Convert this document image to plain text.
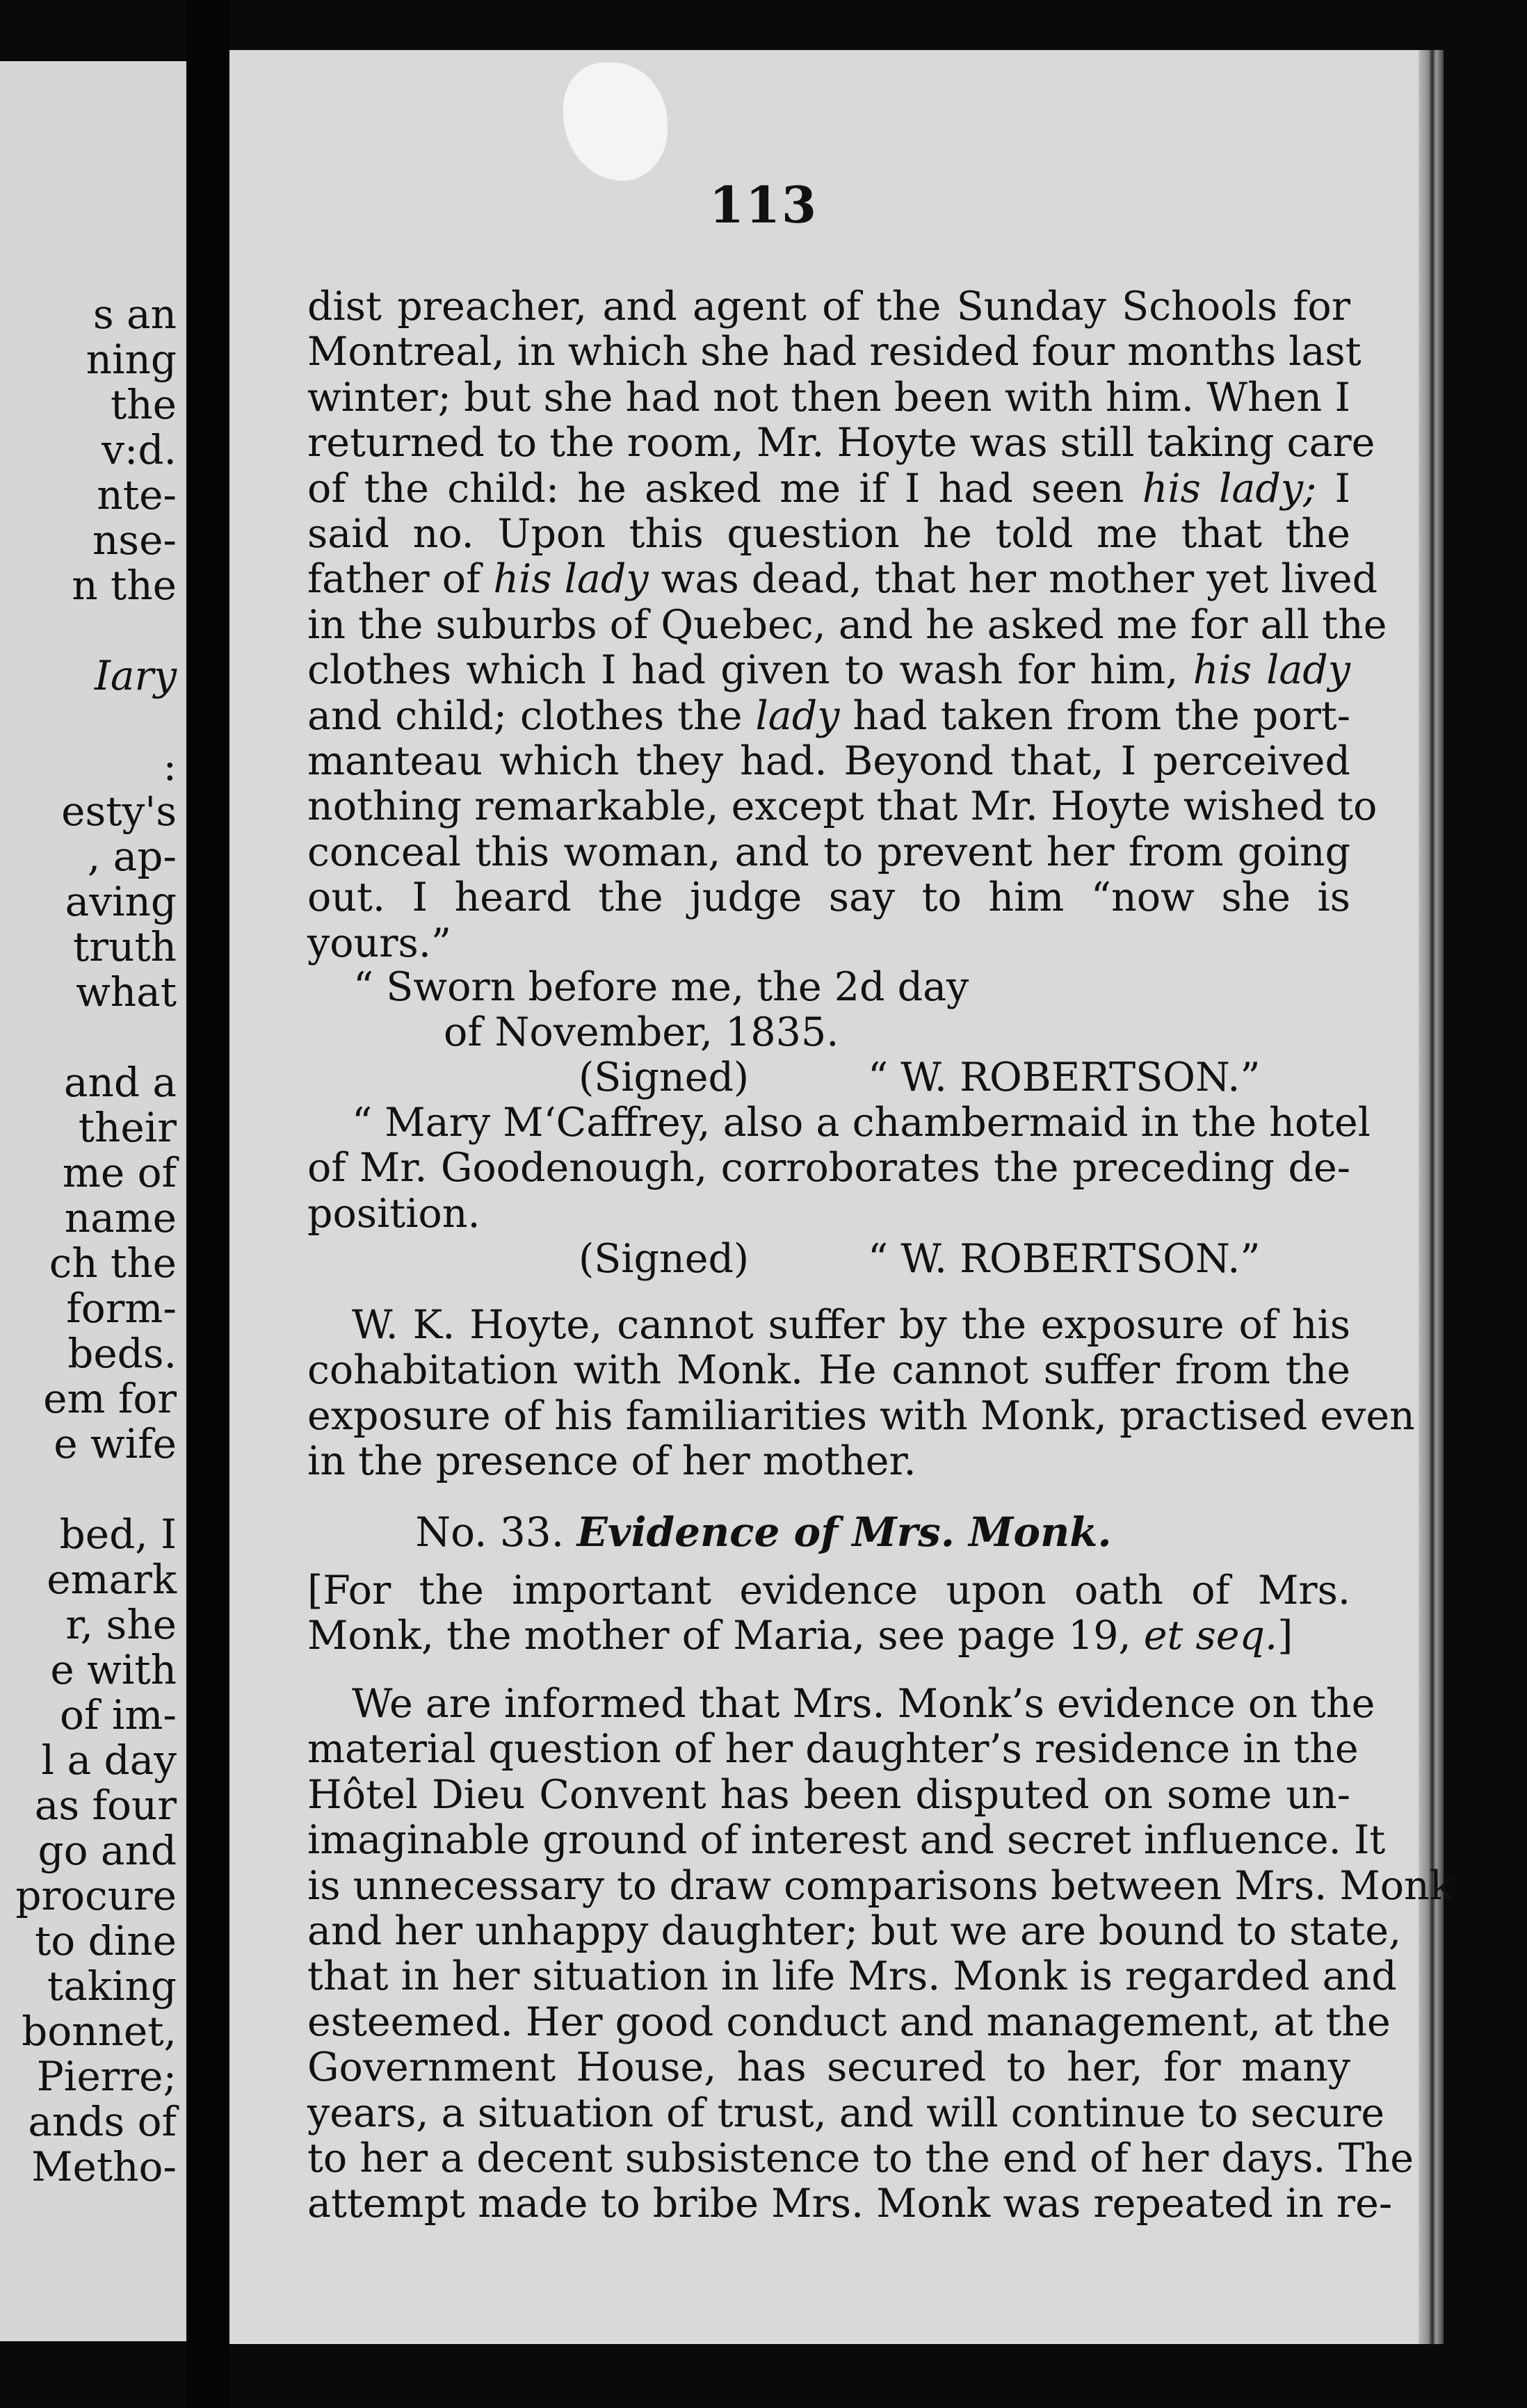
s an
ning
the
v:d.
nte-
nse-
n the
Iary
:
esty's
, ap-
aving
truth
what
and a
their
me of
name
ch the
form-
beds.
em for
e wife
bed, I
emark
r, she
e with
of im-
l a day
as four
go and
procure
to dine
taking
bonnet,
Pierre;
ands of
Metho-
113
dist preacher, and agent of the Sunday Schools for
Montreal, in which she had resided four months last
winter; but she had not then been with him. When I
returned to the room, Mr. Hoyte was still taking care
of the child: he asked me if I had seen his lady; I
said no. Upon this question he told me that the
father of his lady was dead, that her mother yet lived
in the suburbs of Quebec, and he asked me for all the
clothes which I had given to wash for him, his lady
and child; clothes the lady had taken from the port-
manteau which they had. Beyond that, I perceived
nothing remarkable, except that Mr. Hoyte wished to
conceal this woman, and to prevent her from going
out. I heard the judge say to him “now she is
yours.”
“ Mary M‘Caffrey, also a chambermaid in the hotel
of Mr. Goodenough, corroborates the preceding de-
position.
W. K. Hoyte, cannot suffer by the exposure of his
cohabitation with Monk. He cannot suffer from the
exposure of his familiarities with Monk, practised even
in the presence of her mother.
[For the important evidence upon oath of Mrs.
Monk, the mother of Maria, see page 19, et seq.]
We are informed that Mrs. Monk’s evidence on the
material question of her daughter’s residence in the
Hôtel Dieu Convent has been disputed on some un-
imaginable ground of interest and secret influence. It
is unnecessary to draw comparisons between Mrs. Monk
and her unhappy daughter; but we are bound to state,
that in her situation in life Mrs. Monk is regarded and
esteemed. Her good conduct and management, at the
Government House, has secured to her, for many
years, a situation of trust, and will continue to secure
to her a decent subsistence to the end of her days. The
attempt made to bribe Mrs. Monk was repeated in re-
“ Sworn before me, the 2d day
of November, 1835.
(Signed)	“ W. ROBERTSON.”
(Signed)	“ W. ROBERTSON.”
No. 33. Evidence of Mrs. Monk.
